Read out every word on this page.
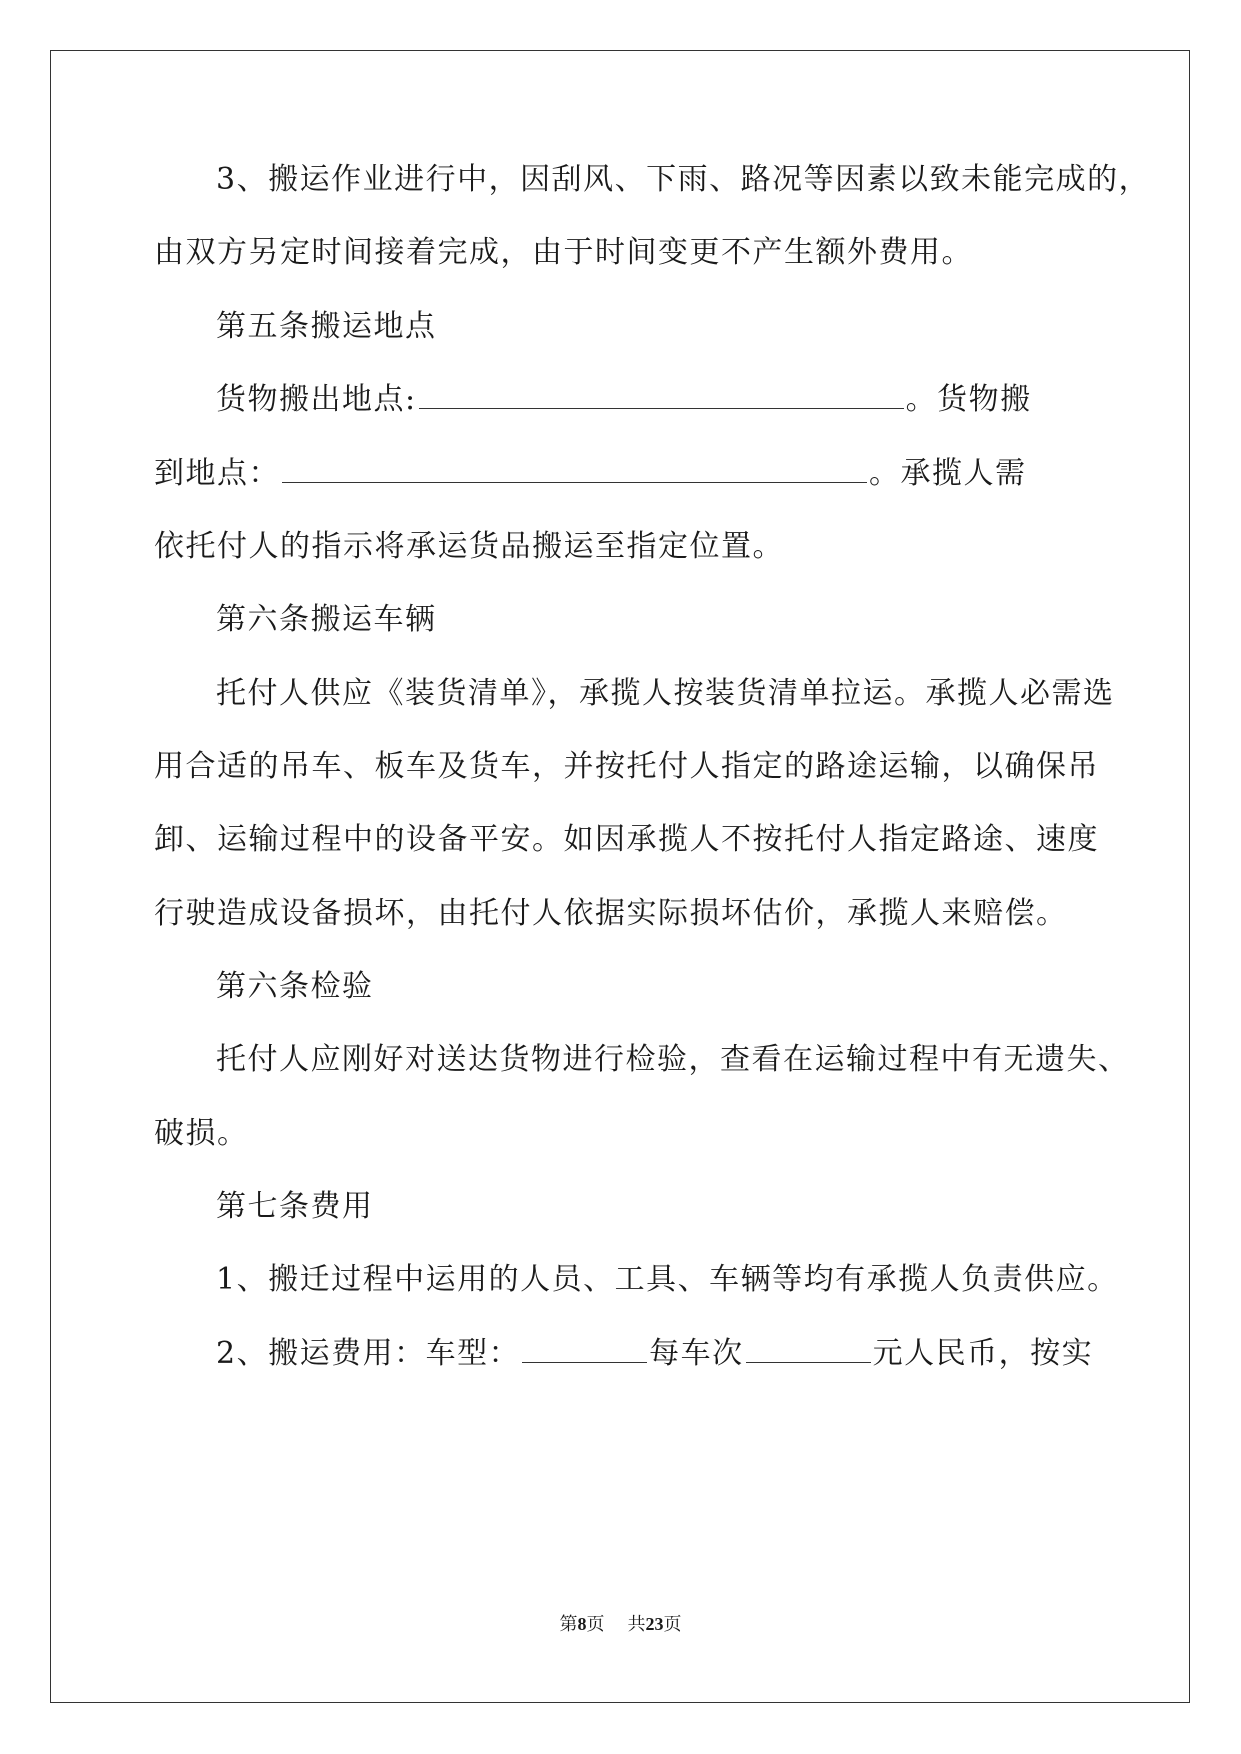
3、搬运作业进行中，因刮风、下雨、路况等因素以致未能完成的，
由双方另定时间接着完成，由于时间变更不产生额外费用。
第五条搬运地点
货物搬出地点:	。货物搬
到地点：	。承揽人需
依托付人的指示将承运货品搬运至指定位置。
第六条搬运车辆
托付人供应《装货清单》，承揽人按装货清单拉运。承揽人必需选
用合适的吊车、板车及货车，并按托付人指定的路途运输，以确保吊
卸、运输过程中的设备平安。如因承揽人不按托付人指定路途、速度
行驶造成设备损坏，由托付人依据实际损坏估价，承揽人来赔偿。
第六条检验
托付人应刚好对送达货物进行检验，查看在运输过程中有无遗失、
破损。
第七条费用
1、搬迁过程中运用的人员、工具、车辆等均有承揽人负责供应。
2、搬运费用：车型：	每车次	元人民币，按实
第8页 共23页
